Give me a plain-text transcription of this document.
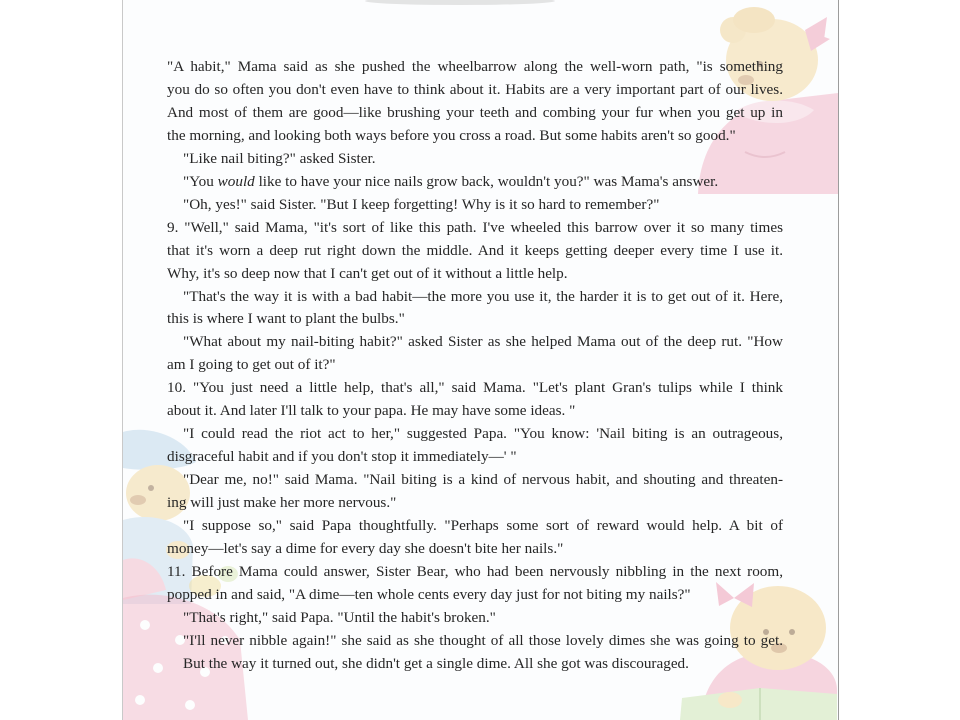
"A habit," Mama said as she pushed the wheelbarrow along the well-worn path, "is something
you do so often you don't even have to think about it. Habits are a very important part of our lives.
And most of them are good—like brushing your teeth and combing your fur when you get up in
the morning, and looking both ways before you cross a road. But some habits aren't so good."
"Like nail biting?" asked Sister.
"You would like to have your nice nails grow back, wouldn't you?" was Mama's answer.
"Oh, yes!" said Sister. "But I keep forgetting! Why is it so hard to remember?"
9. "Well," said Mama, "it's sort of like this path. I've wheeled this barrow over it so many times
that it's worn a deep rut right down the middle. And it keeps getting deeper every time I use it.
Why, it's so deep now that I can't get out of it without a little help.
"That's the way it is with a bad habit—the more you use it, the harder it is to get out of it. Here,
this is where I want to plant the bulbs."
"What about my nail-biting habit?" asked Sister as she helped Mama out of the deep rut. "How
am I going to get out of it?"
10. "You just need a little help, that's all," said Mama. "Let's plant Gran's tulips while I think
about it. And later I'll talk to your papa. He may have some ideas. "
"I could read the riot act to her," suggested Papa. "You know: 'Nail biting is an outrageous,
disgraceful habit and if you don't stop it immediately—' "
"Dear me, no!" said Mama. "Nail biting is a kind of nervous habit, and shouting and threaten-
ing will just make her more nervous."
"I suppose so," said Papa thoughtfully. "Perhaps some sort of reward would help. A bit of
money—let's say a dime for every day she doesn't bite her nails."
11. Before Mama could answer, Sister Bear, who had been nervously nibbling in the next room,
popped in and said, "A dime—ten whole cents every day just for not biting my nails?"
"That's right," said Papa. "Until the habit's broken."
"I'll never nibble again!" she said as she thought of all those lovely dimes she was going to get.
But the way it turned out, she didn't get a single dime. All she got was discouraged.
